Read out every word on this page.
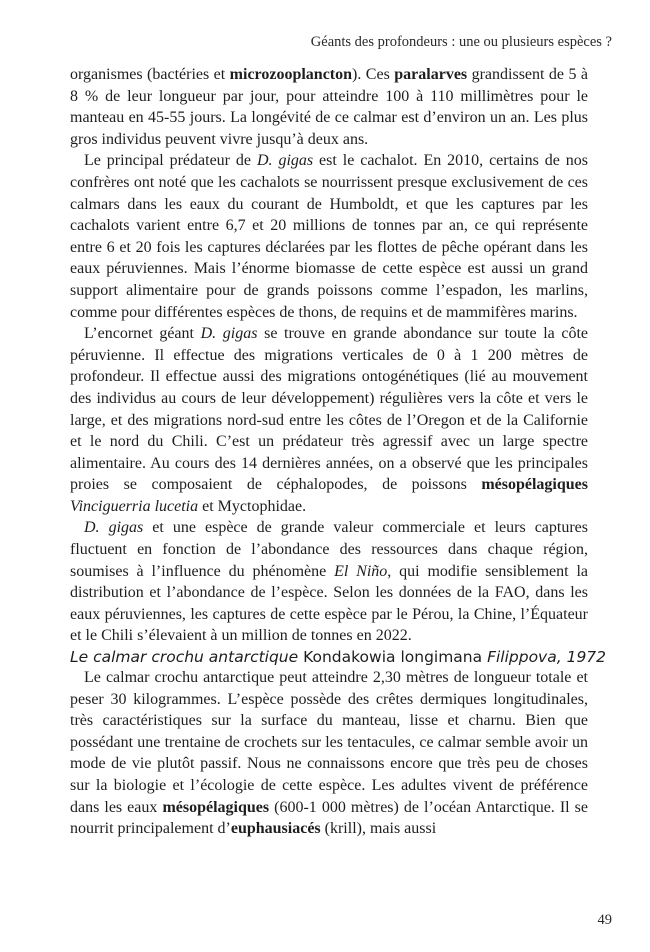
Géants des profondeurs : une ou plusieurs espèces ?

organismes (bactéries et microzooplancton). Ces paralarves grandissent de 5 à 8 % de leur longueur par jour, pour atteindre 100 à 110 millimètres pour le manteau en 45-55 jours. La longévité de ce calmar est d’environ un an. Les plus gros individus peuvent vivre jusqu’à deux ans.

Le principal prédateur de D. gigas est le cachalot. En 2010, certains de nos confrères ont noté que les cachalots se nourrissent presque exclusivement de ces calmars dans les eaux du courant de Humboldt, et que les captures par les cachalots varient entre 6,7 et 20 millions de tonnes par an, ce qui représente entre 6 et 20 fois les captures déclarées par les flottes de pêche opérant dans les eaux péruviennes. Mais l’énorme biomasse de cette espèce est aussi un grand support alimentaire pour de grands poissons comme l’espadon, les marlins, comme pour différentes espèces de thons, de requins et de mammifères marins.

L’encornet géant D. gigas se trouve en grande abondance sur toute la côte péruvienne. Il effectue des migrations verticales de 0 à 1 200 mètres de profondeur. Il effectue aussi des migrations ontogénétiques (lié au mouvement des individus au cours de leur développement) régulières vers la côte et vers le large, et des migrations nord-sud entre les côtes de l’Oregon et de la Californie et le nord du Chili. C’est un prédateur très agressif avec un large spectre alimentaire. Au cours des 14 dernières années, on a observé que les principales proies se composaient de céphalopodes, de poissons mésopélagiques Vinciguerria lucetia et Myctophidae.

D. gigas et une espèce de grande valeur commerciale et leurs captures fluctuent en fonction de l’abondance des ressources dans chaque région, soumises à l’influence du phénomène El Niño, qui modifie sensiblement la distribution et l’abondance de l’espèce. Selon les données de la FAO, dans les eaux péruviennes, les captures de cette espèce par le Pérou, la Chine, l’Équateur et le Chili s’élevaient à un million de tonnes en 2022.

Le calmar crochu antarctique Kondakowia longimana Filippova, 1972

Le calmar crochu antarctique peut atteindre 2,30 mètres de longueur totale et peser 30 kilogrammes. L’espèce possède des crêtes dermiques longitudinales, très caractéristiques sur la surface du manteau, lisse et charnu. Bien que possédant une trentaine de crochets sur les tentacules, ce calmar semble avoir un mode de vie plutôt passif. Nous ne connaissons encore que très peu de choses sur la biologie et l’écologie de cette espèce. Les adultes vivent de préférence dans les eaux mésopélagiques (600-1 000 mètres) de l’océan Antarctique. Il se nourrit principalement d’euphausiacés (krill), mais aussi

49
